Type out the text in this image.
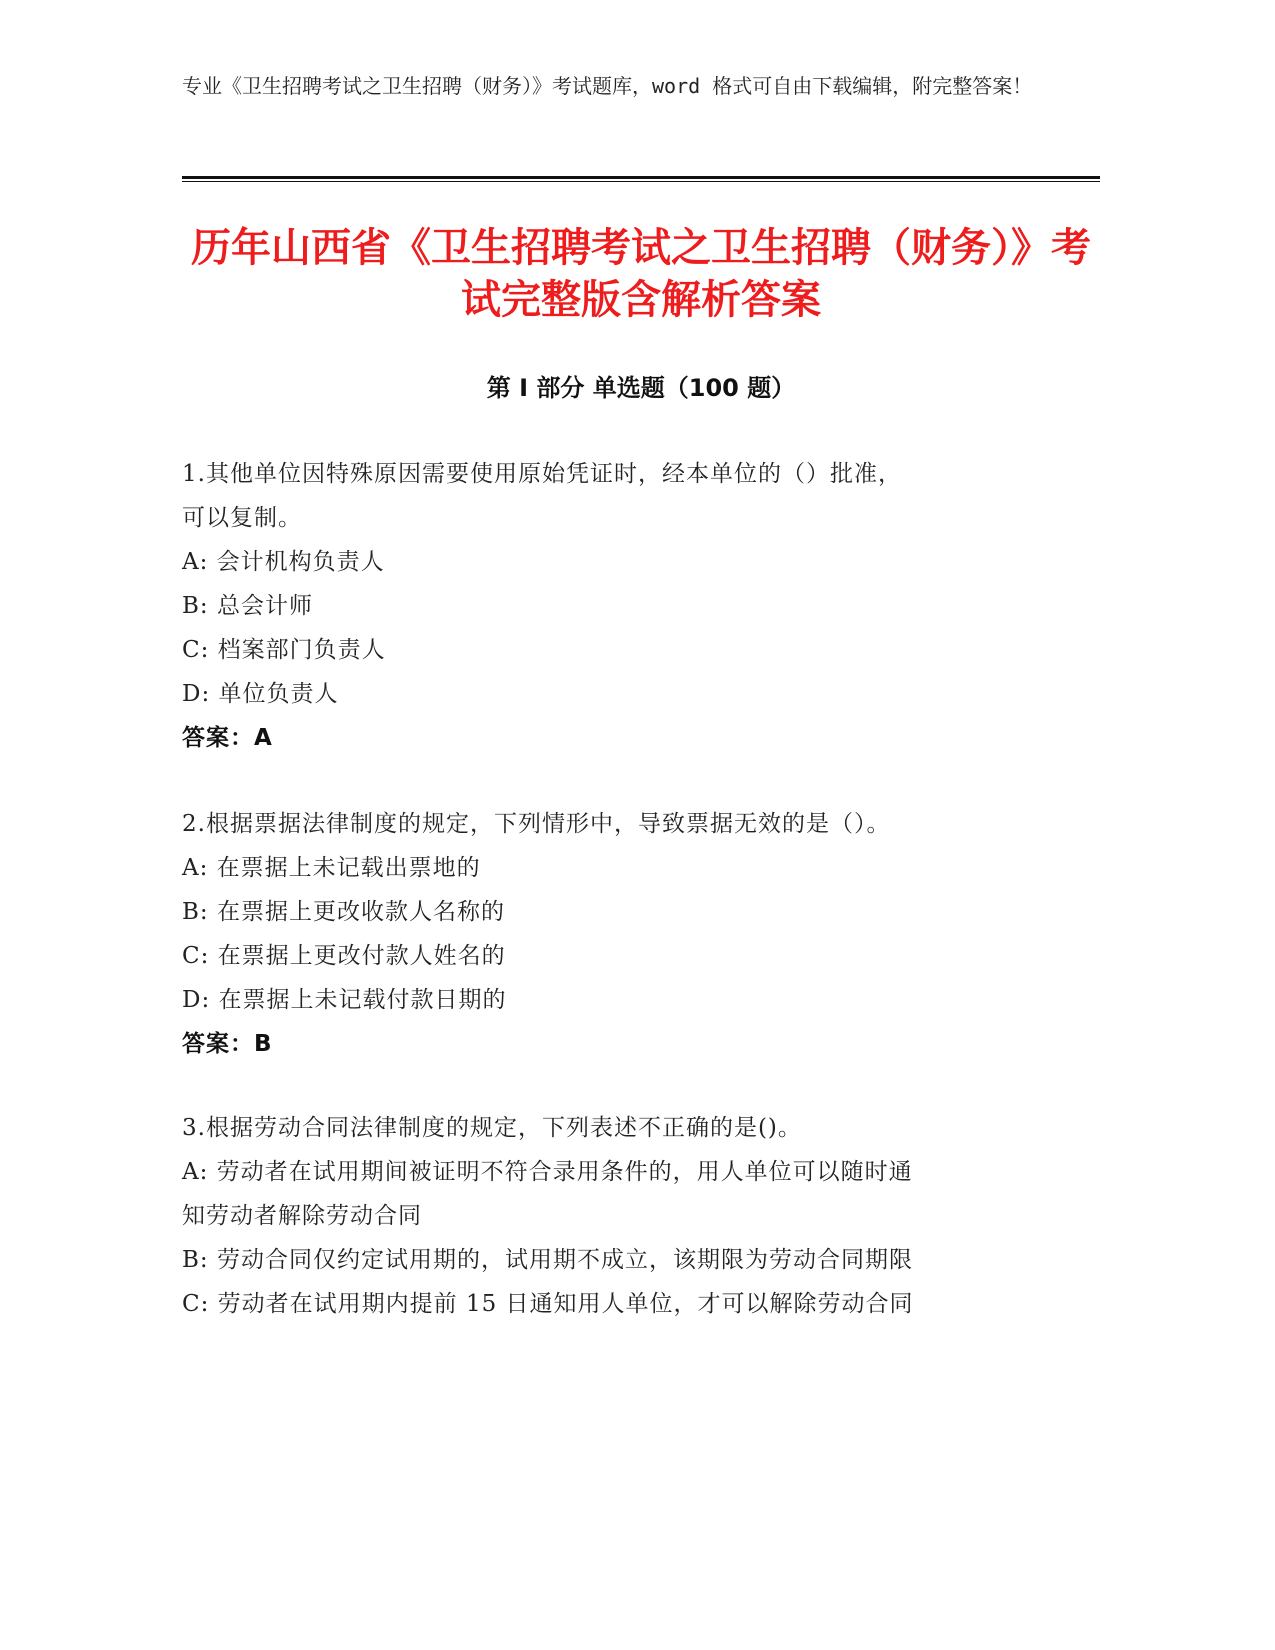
专业《卫生招聘考试之卫生招聘（财务）》考试题库，word 格式可自由下载编辑，附完整答案！
历年山西省《卫生招聘考试之卫生招聘（财务）》考试完整版含解析答案
第 I 部分 单选题（100 题）

1.其他单位因特殊原因需要使用原始凭证时，经本单位的（）批准，

可以复制。

A: 会计机构负责人

B: 总会计师

C: 档案部门负责人

D: 单位负责人

答案：A

2.根据票据法律制度的规定，下列情形中，导致票据无效的是（）。

A: 在票据上未记载出票地的

B: 在票据上更改收款人名称的

C: 在票据上更改付款人姓名的

D: 在票据上未记载付款日期的

答案：B

3.根据劳动合同法律制度的规定，下列表述不正确的是()。

A: 劳动者在试用期间被证明不符合录用条件的，用人单位可以随时通

知劳动者解除劳动合同

B: 劳动合同仅约定试用期的，试用期不成立，该期限为劳动合同期限

C: 劳动者在试用期内提前 15 日通知用人单位，才可以解除劳动合同
